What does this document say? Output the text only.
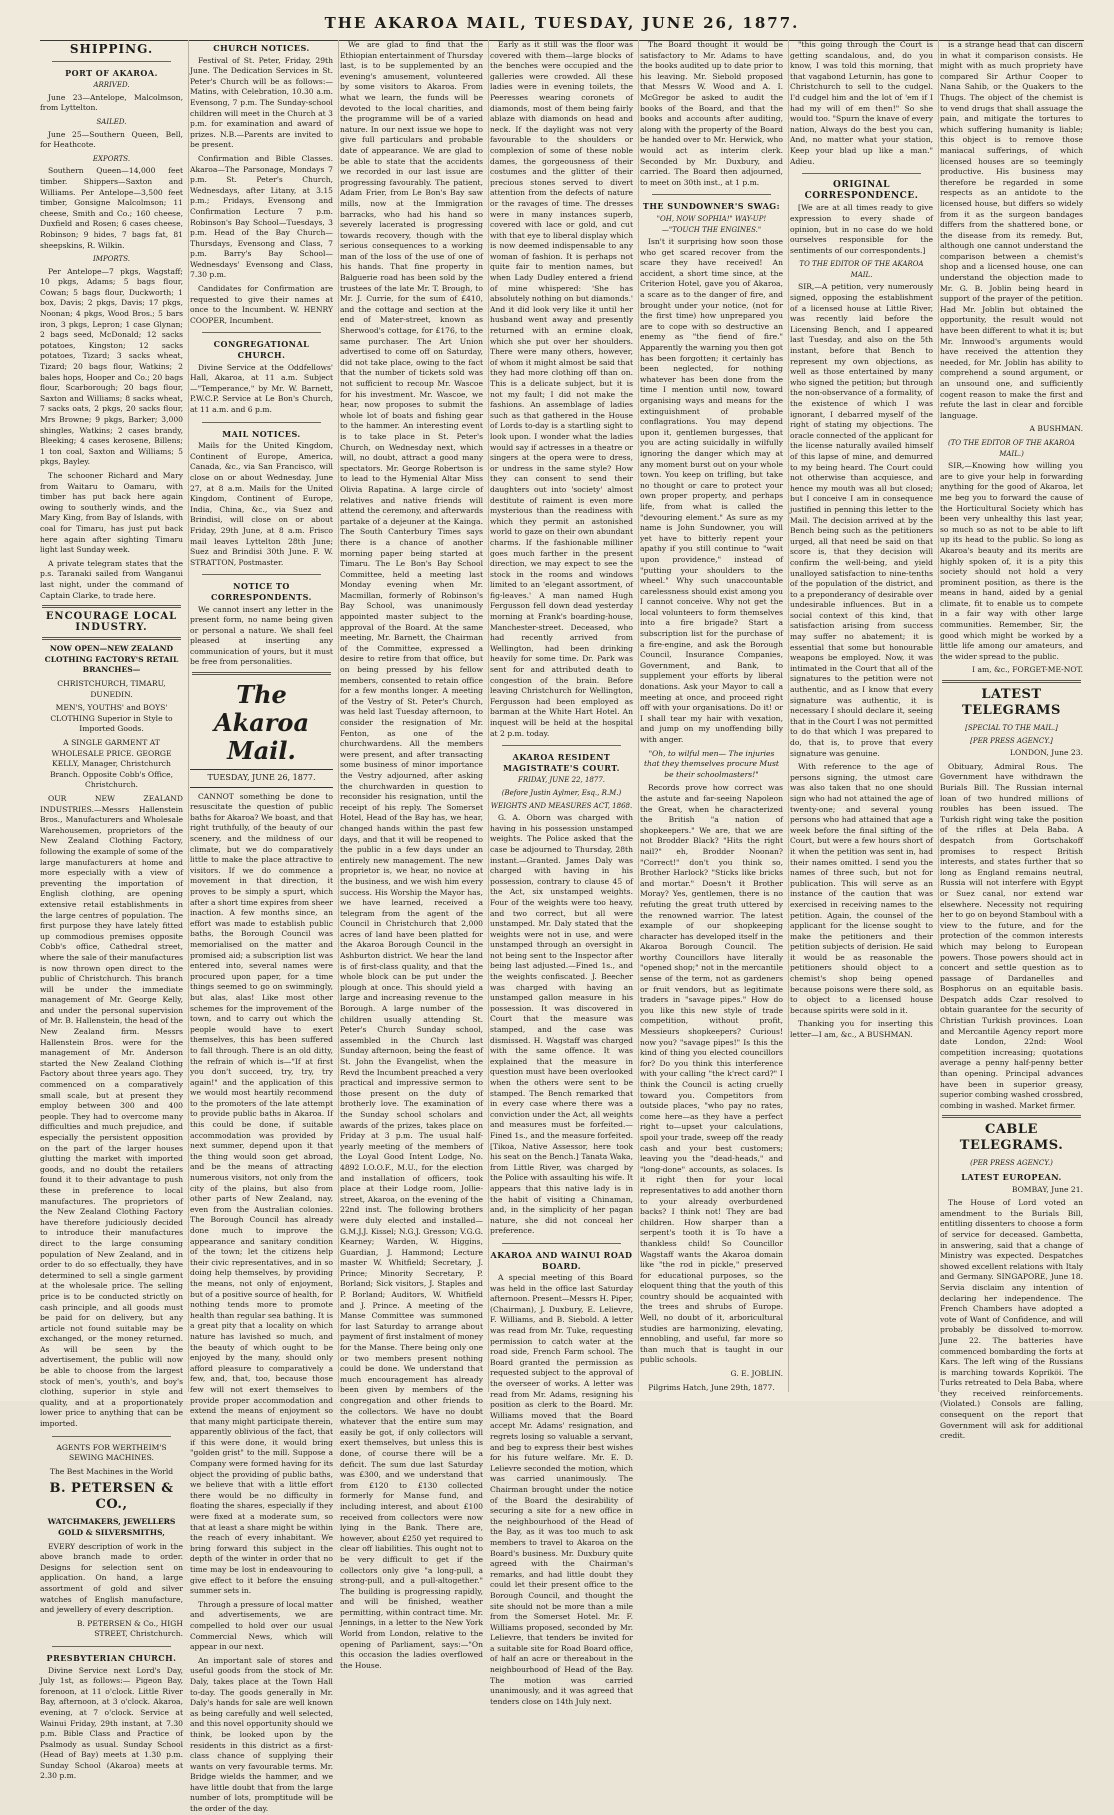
THE AKAROA MAIL, TUESDAY, JUNE 26, 1877.
SHIPPING.
PORT OF AKAROA.
ARRIVED.

June 23—Antelope, Malcolmson, from Lyttelton.

SAILED.

June 25—Southern Queen, Bell, for Heathcote.

EXPORTS.

Southern Queen—14,000 feet timber. Shippers—Saxton and Williams. Per Antelope—3,500 feet timber, Gonsigne Malcolmson; 11 cheese, Smith and Co.; 160 cheese, Duxfield and Rosen; 6 cases cheese, Robinson; 9 hides, 7 bags fat, 81 sheepskins, R. Wilkin.

IMPORTS.

Per Antelope—7 pkgs, Wagstaff; 10 pkgs, Adams; 5 bags flour, Cowan; 5 bags flour, Duckworth; 1 box, Davis; 2 pkgs, Davis; 17 pkgs, Noonan; 4 pkgs, Wood Bros.; 5 bars iron, 3 pkgs, Lepron; 1 case Glynan; 2 bags seed, McDonald; 12 sacks potatoes, Kingston; 12 sacks potatoes, Tizard; 3 sacks wheat, Tizard; 20 bags flour, Watkins; 2 bales hops, Hooper and Co.; 20 bags flour, Scarborough; 20 bags flour, Saxton and Williams; 8 sacks wheat, 7 sacks oats, 2 pkgs, 20 sacks flour, Mrs Browne; 9 pkgs, Barker; 3,000 shingles, Watkins; 2 cases brandy, Bleeking; 4 cases kerosene, Billens; 1 ton coal, Saxton and Williams; 5 pkgs, Bayley.

The schooner Richard and Mary from Waitaru to Oamaru, with timber has put back here again owing to southerly winds, and the Mary King, from Bay of Islands, with coal for Timaru, has just put back here again after sighting Timaru light last Sunday week.

A private telegram states that the p.s. Taranaki sailed from Wanganui last night, under the command of Captain Clarke, to trade here.

ENCOURAGE LOCAL INDUSTRY.

NOW OPEN—NEW ZEALAND CLOTHING FACTORY'S RETAIL BRANCHES—

CHRISTCHURCH, TIMARU, DUNEDIN.

MEN'S, YOUTHS' and BOYS' CLOTHING Superior in Style to Imported Goods.

A SINGLE GARMENT AT WHOLESALE PRICE. GEORGE KELLY, Manager, Christchurch Branch. Opposite Cobb's Office, Christchurch.

OUR NEW ZEALAND INDUSTRIES.—Messrs Hallenstein Bros., Manufacturers and Wholesale Warehousemen, proprietors of the New Zealand Clothing Factory, following the example of some of the large manufacturers at home and more especially with a view of preventing the importation of English clothing, are opening extensive retail establishments in the large centres of population. The first purpose they have lately fitted up commodious premises opposite Cobb's office, Cathedral street, where the sale of their manufactures is now thrown open direct to the public of Christchurch. This branch will be under the immediate management of Mr. George Kelly, and under the personal supervision of Mr. B. Hallenstein, the head of the New Zealand firm. Messrs Hallenstein Bros. were for the management of Mr. Anderson started the New Zealand Clothing Factory about three years ago. They commenced on a comparatively small scale, but at present they employ between 300 and 400 people. They had to overcome many difficulties and much prejudice, and especially the persistent opposition on the part of the larger houses glutting the market with imported goods, and no doubt the retailers found it to their advantage to push these in preference to local manufactures. The proprietors of the New Zealand Clothing Factory have therefore judiciously decided to introduce their manufactures direct to the large consuming population of New Zealand, and in order to do so effectually, they have determined to sell a single garment at the wholesale price. The selling price is to be conducted strictly on cash principle, and all goods must be paid for on delivery, but any article not found suitable may be exchanged, or the money returned. As will be seen by the advertisement, the public will now be able to choose from the largest stock of men's, youth's, and boy's clothing, superior in style and quality, and at a proportionately lower price to anything that can be imported.

AGENTS FOR WERTHEIM'S SEWING MACHINES.

The Best Machines in the World

B. PETERSEN & CO.,

WATCHMAKERS, JEWELLERS GOLD & SILVERSMITHS,

EVERY description of work in the above branch made to order. Designs for selection sent on application. On hand, a large assortment of gold and silver watches of English manufacture, and jewellery of every description.

B. PETERSEN & Co., HIGH STREET, Christchurch.

PRESBYTERIAN CHURCH.

Divine Service next Lord's Day, July 1st, as follows:— Pigeon Bay, forenoon, at 11 o'clock. Little River Bay, afternoon, at 3 o'clock. Akaroa, evening, at 7 o'clock. Service at Wainui Friday, 29th instant, at 7.30 p.m. Bible Class and Practice of Psalmody as usual. Sunday School (Head of Bay) meets at 1.30 p.m. Sunday School (Akaroa) meets at 2.30 p.m.

CHURCH NOTICES.

Festival of St. Peter, Friday, 29th June. The Dedication Services in St. Peter's Church will be as follows:—Matins, with Celebration, 10.30 a.m. Evensong, 7 p.m. The Sunday-school children will meet in the Church at 3 p.m. for examination and award of prizes. N.B.—Parents are invited to be present.

Confirmation and Bible Classes. Akaroa—The Parsonage, Mondays 7 p.m. St. Peter's Church, Wednesdays, after Litany, at 3.15 p.m.; Fridays, Evensong and Confirmation Lecture 7 p.m. Robinson's Bay School—Tuesdays, 3 p.m. Head of the Bay Church—Thursdays, Evensong and Class, 7 p.m. Barry's Bay School—Wednesdays' Evensong and Class, 7.30 p.m.

Candidates for Confirmation are requested to give their names at once to the Incumbent. W. HENRY COOPER, Incumbent.

CONGREGATIONAL CHURCH.

Divine Service at the Oddfellows' Hall, Akaroa, at 11 a.m. Subject—"Temperance," by Mr. W. Barnett, P.W.C.P. Service at Le Bon's Church, at 11 a.m. and 6 p.m.

MAIL NOTICES.

Mails for the United Kingdom, Continent of Europe, America, Canada, &c., via San Francisco, will close on or about Wednesday, June 27, at 8 a.m. Mails for the United Kingdom, Continent of Europe, India, China, &c., via Suez and Brindisi, will close on or about Friday, 29th June, at 8 a.m. Frisco mail leaves Lyttelton 28th June; Suez and Brindisi 30th June. F. W. STRATTON, Postmaster.

NOTICE TO CORRESPONDENTS.

We cannot insert any letter in the present form, no name being given or personal a nature. We shall feel pleased at inserting any communication of yours, but it must be free from personalities.

The Akaroa Mail.
TUESDAY, JUNE 26, 1877.

CANNOT something be done to resuscitate the question of public baths for Akaroa? We boast, and that right truthfully, of the beauty of our scenery, and the mildness of our climate, but we do comparatively little to make the place attractive to visitors. If we do commence a movement in that direction, it proves to be simply a spurt, which after a short time expires from sheer inaction. A few months since, an effort was made to establish public baths, the Borough Council was memorialised on the matter and promised aid; a subscription list was entered into, several names were procured upon paper, for a time things seemed to go on swimmingly, but alas, alas! Like most other schemes for the improvement of the town, and to carry out which the people would have to exert themselves, this has been suffered to fall through. There is an old ditty, the refrain of which is—"If at first you don't succeed, try, try, try again!" and the application of this we would most heartily recommend to the promoters of the late attempt to provide public baths in Akaroa. If this could be done, if suitable accommodation was provided by next summer, depend upon it that the thing would soon get abroad, and be the means of attracting numerous visitors, not only from the city of the plains, but also from other parts of New Zealand, nay, even from the Australian colonies. The Borough Council has already done much to improve the appearance and sanitary condition of the town; let the citizens help their civic representatives, and in so doing help themselves, by providing the means, not only of enjoyment, but of a positive source of health, for nothing tends more to promote health than regular sea bathing. It is a great pity that a locality on which nature has lavished so much, and the beauty of which ought to be enjoyed by the many, should only afford pleasure to comparatively a few, and, that, too, because those few will not exert themselves to provide proper accommodation and extend the means of enjoyment so that many might participate therein, apparently oblivious of the fact, that if this were done, it would bring "golden grist" to the mill. Suppose a Company were formed having for its object the providing of public baths, we believe that with a little effort there would be no difficulty in floating the shares, especially if they were fixed at a moderate sum, so that at least a share might be within the reach of every inhabitant. We bring forward this subject in the depth of the winter in order that no time may be lost in endeavouring to give effect to it before the ensuing summer sets in.

Through a pressure of local matter and advertisements, we are compelled to hold over our usual Commercial News, which will appear in our next.

An important sale of stores and useful goods from the stock of Mr. Daly, takes place at the Town Hall to-day. The goods generally in Mr. Daly's hands for sale are well known as being carefully and well selected, and this novel opportunity should we think, be looked upon by the residents in this district as a first-class chance of supplying their wants on very favourable terms. Mr. Bridge wields the hammer, and we have little doubt that from the large number of lots, promptitude will be the order of the day.

We are glad to find that the Ethiopian entertainment of Thursday last, is to be supplemented by an evening's amusement, volunteered by some visitors to Akaroa. From what we learn, the funds will be devoted to the local charities, and the programme will be of a varied nature. In our next issue we hope to give full particulars and probable date of appearance. We are glad to be able to state that the accidents we recorded in our last issue are progressing favourably. The patient, Adam Frier, from Le Bon's Bay saw mills, now at the Immigration barracks, who had his hand so severely lacerated is progressing towards recovery, though with the serious consequences to a working man of the loss of the use of one of his hands. That fine property in Balguerie road has been sold by the trustees of the late Mr. T. Brough, to Mr. J. Currie, for the sum of £410, and the cottage and section at the end of Mater-street, known as Sherwood's cottage, for £176, to the same purchaser. The Art Union advertised to come off on Saturday, did not take place, owing to the fact that the number of tickets sold was not sufficient to recoup Mr. Wascoe for his investment. Mr. Wascoe, we hear, now proposes to submit the whole lot of boats and fishing gear to the hammer. An interesting event is to take place in St. Peter's Church, on Wednesday next, which will, no doubt, attract a good many spectators. Mr. George Robertson is to lead to the Hymenial Altar Miss Olivia Rapatina. A large circle of relatives and native friends will attend the ceremony, and afterwards partake of a dejeuner at the Kainga. The South Canterbury Times says there is a chance of another morning paper being started at Timaru. The Le Bon's Bay School Committee, held a meeting last Monday evening when Mr. Macmillan, formerly of Robinson's Bay School, was unanimously appointed master subject to the approval of the Board. At the same meeting, Mr. Barnett, the Chairman of the Committee, expressed a desire to retire from that office, but on being pressed by his fellow members, consented to retain office for a few months longer. A meeting of the Vestry of St. Peter's Church, was held last Tuesday afternoon, to consider the resignation of Mr. Fenton, as one of the churchwardens. All the members were present, and after transacting some business of minor importance the Vestry adjourned, after asking the churchwarden in question to reconsider his resignation, until the receipt of his reply. The Somerset Hotel, Head of the Bay has, we hear, changed hands within the past few days, and that it will be reopened to the public in a few days under an entirely new management. The new proprietor is, we hear, no novice at the business, and we wish him every success. His Worship the Mayor has, we have learned, received a telegram from the agent of the Council in Christchurch that 2,000 acres of land have been platted for the Akaroa Borough Council in the Ashburton district. We hear the land is of first-class quality, and that the whole block can be put under the plough at once. This should yield a large and increasing revenue to the Borough. A large number of the children usually attending St. Peter's Church Sunday school, assembled in the Church last Sunday afternoon, being the feast of St. John the Evangelist, when the Revd the Incumbent preached a very practical and impressive sermon to those present on the duty of brotherly love. The examination of the Sunday school scholars and awards of the prizes, takes place on Friday at 3 p.m. The usual half-yearly meeting of the members of the Loyal Good Intent Lodge, No. 4892 I.O.O.F., M.U., for the election and installation of officers, took place at their Lodge room, Jollie-street, Akaroa, on the evening of the 22nd inst. The following brothers were duly elected and installed—G.M.J.J. Kissel; N.G.J. Gresson; V.G.G. Kearney; Warden, W. Higgins, Guardian, J. Hammond; Lecture master W. Whitfield; Secretary, J. Prince; Minority Secretary, P. Borland; Sick visitors, J. Staples and P. Borland; Auditors, W. Whitfield and J. Prince. A meeting of the Manse Committee was summoned for last Saturday to arrange about payment of first instalment of money for the Manse. There being only one or two members present nothing could be done. We understand that much encouragement has already been given by members of the congregation and other friends to the collectors. We have no doubt whatever that the entire sum may easily be got, if only collectors will exert themselves, but unless this is done, of course there will be a deficit. The sum due last Saturday was £300, and we understand that from £120 to £130 collected formerly for Manse fund, and including interest, and about £100 received from collectors were now lying in the Bank. There are, however, about £250 yet required to clear off liabilities. This ought not to be very difficult to get if the collectors only give "a long-pull, a strong-pull, and a pull-altogether." The building is progressing rapidly, and will be finished, weather permitting, within contract time. Mr. Jennings, in a letter to the New York World from London, relative to the opening of Parliament, says:—"On this occasion the ladies overflowed the House.

Early as it still was the floor was covered with them—large blocks of the benches were occupied and the galleries were crowded. All these ladies were in evening toilets, the Peeresses wearing coronets of diamonds, most of them being fairly ablaze with diamonds on head and neck. If the daylight was not very favourable to the shoulders or complexion of some of these noble dames, the gorgeousness of their costumes and the glitter of their precious stones served to divert attention from the defects of nature or the ravages of time. The dresses were in many instances superb, covered with lace or gold, and cut with that eye to liberal display which is now deemed indispensable to any woman of fashion. It is perhaps not quite fair to mention names, but when Lady Dudley entered a friend of mine whispered: 'She has absolutely nothing on but diamonds.' And it did look very like it until her husband went away and presently returned with an ermine cloak, which she put over her shoulders. There were many others, however, of whom it might almost be said that they had more clothing off than on. This is a delicate subject, but it is not my fault; I did not make the fashions. An assemblage of ladies such as that gathered in the House of Lords to-day is a startling sight to look upon. I wonder what the ladies would say if actresses in a theatre or singers at the opera were to dress, or undress in the same style? How they can consent to send their daughters out into 'society' almost destitute of raiment is even more mysterious than the readiness with which they permit an astonished world to gaze on their own abundant charms. If the fashionable milliner goes much farther in the present direction, we may expect to see the stock in the rooms and windows limited to an 'elegant assortment, of fig-leaves.' A man named Hugh Fergusson fell down dead yesterday morning at Frank's boarding-house, Manchester-street. Deceased, who had recently arrived from Wellington, had been drinking heavily for some time. Dr. Park was sent for and attributed death to congestion of the brain. Before leaving Christchurch for Wellington, Fergusson had been employed as barman at the White Hart Hotel. An inquest will be held at the hospital at 2 p.m. today.

AKAROA RESIDENT MAGISTRATE'S COURT.
FRIDAY, JUNE 22, 1877.
(Before Justin Aylmer, Esq., R.M.)
WEIGHTS AND MEASURES ACT, 1868.

G. A. Oborn was charged with having in his possession unstamped weights. The Police asked that the case be adjourned to Thursday, 28th instant.—Granted. James Daly was charged with having in his possession, contrary to clause 45 of the Act, six unstamped weights. Four of the weights were too heavy, and two correct, but all were unstamped. Mr. Daly stated that the weights were not in use, and were unstamped through an oversight in not being sent to the Inspector after being last adjusted.—Fined 1s., and the weights confiscated. J. Beecher was charged with having an unstamped gallon measure in his possession. It was discovered in Court that the measure was stamped, and the case was dismissed. H. Wagstaff was charged with the same offence. It was explained that the measure in question must have been overlooked when the others were sent to be stamped. The Bench remarked that in every case where there was a conviction under the Act, all weights and measures must be forfeited.—Fined 1s., and the measure forfeited. [Tikoa, Native Assessor, here took his seat on the Bench.] Tanata Waka, from Little River, was charged by the Police with assaulting his wife. It appears that this native lady is in the habit of visiting a Chinaman, and, in the simplicity of her pagan nature, she did not conceal her preference.

AKAROA AND WAINUI ROAD BOARD.

A special meeting of this Board was held in the office last Saturday afternoon. Present—Messrs H. Piper, (Chairman), J. Duxbury, E. Lelievre, F. Williams, and B. Siebold. A letter was read from Mr. Tuke, requesting permission to catch water at the road side, French Farm school. The Board granted the permission as requested subject to the approval of the overseer of works. A letter was read from Mr. Adams, resigning his position as clerk to the Board. Mr. Williams moved that the Board accept Mr. Adams' resignation, and regrets losing so valuable a servant, and beg to express their best wishes for his future welfare. Mr. E. D. Lelievre seconded the motion, which was carried unanimously. The Chairman brought under the notice of the Board the desirability of securing a site for a new office in the neighbourhood of the Head of the Bay, as it was too much to ask members to travel to Akaroa on the Board's business. Mr. Duxbury quite agreed with the Chairman's remarks, and had little doubt they could let their present office to the Borough Council, and thought the site should not be more than a mile from the Somerset Hotel. Mr. F. Williams proposed, seconded by Mr. Lelievre, that tenders be invited for a suitable site for Road Board office, of half an acre or thereabout in the neighbourhood of Head of the Bay. The motion was carried unanimously, and it was agreed that tenders close on 14th July next.

The Board thought it would be satisfactory to Mr. Adams to have the books audited up to date prior to his leaving. Mr. Siebold proposed that Messrs W. Wood and A. I. McGregor be asked to audit the books of the Board, and that the books and accounts after auditing, along with the property of the Board be handed over to Mr. Herwick, who would act as interim clerk. Seconded by Mr. Duxbury, and carried. The Board then adjourned, to meet on 30th inst., at 1 p.m.

THE SUNDOWNER'S SWAG:
"OH, NOW SOPHIA!" WAY-UP!—"TOUCH THE ENGINES."

Isn't it surprising how soon those who get scared recover from the scare they have received! An accident, a short time since, at the Criterion Hotel, gave you of Akaroa, a scare as to the danger of fire, and brought under your notice, (not for the first time) how unprepared you are to cope with so destructive an enemy as "the fiend of fire." Apparently the warning you then got has been forgotten; it certainly has been neglected, for nothing whatever has been done from the time I mention until now, toward organising ways and means for the extinguishment of probable conflagrations. You may depend upon it, gentlemen burgesses, that you are acting suicidally in wilfully ignoring the danger which may at any moment burst out on your whole town. You keep on trifling, but take no thought or care to protect your own proper property, and perhaps life, from what is called the "devouring element." As sure as my name is John Sundowner, you will yet have to bitterly repent your apathy if you still continue to "wait upon providence," instead of "putting your shoulders to the wheel." Why such unaccountable carelessness should exist among you I cannot conceive. Why not get the local volunteers to form themselves into a fire brigade? Start a subscription list for the purchase of a fire-engine, and ask the Borough Council, Insurance Companies, Government, and Bank, to supplement your efforts by liberal donations. Ask your Mayor to call a meeting at once, and proceed right off with your organisations. Do it! or I shall tear my hair with vexation, and jump on my unoffending billy with anger.

"Oh, to wilful men— The injuries that they themselves procure Must be their schoolmasters!"

Records prove how correct was the astute and far-seeing Napoleon the Great, when he characterized the British "a nation of shopkeepers." We are, that we are not Brodder Black? "Hits the right nail?" eh, Brodder Noonan? "Correct!" don't you think so, Brother Harlock? "Sticks like bricks and mortar." Doesn't it Brother Moray? Yes, gentlemen, there is no refuting the great truth uttered by the renowned warrior. The latest example of our shopkeeping character has developed itself in the Akaroa Borough Council. The worthy Councillors have literally "opened shop;" not in the mercantile sense of the term, not as gardeners or fruit vendors, but as legitimate traders in "savage pipes." How do you like this new style of trade competition, without profit, Messieurs shopkeepers? Curious! now you? "savage pipes!" Is this the kind of thing you elected councillors for? Do you think this interference with your calling "the k'rect card?" I think the Council is acting cruelly toward you. Competitors from outside places, "who pay no rates, come here—as they have a perfect right to—upset your calculations, spoil your trade, sweep off the ready cash and your best customers; leaving you the "dead-heads," and "long-done" accounts, as solaces. Is it right then for your local representatives to add another thorn to your already overburdened backs? I think not! They are bad children. How sharper than a serpent's tooth it is To have a thankless child! So Councillor Wagstaff wants the Akaroa domain like "the rod in pickle," preserved for educational purposes, so the eloquent thing that the youth of this country should be acquainted with the trees and shrubs of Europe. Well, no doubt of it, arboricultural studies are harmonizing, elevating, ennobling, and useful, far more so than much that is taught in our public schools.

G. E. JOBLIN.

Pilgrims Hatch, June 29th, 1877.

"this going through the Court is getting scandalous, and, do you know, I was told this morning, that that vagabond Leturnin, has gone to Christchurch to sell to the cudgel. I'd cudgel him and the lot of 'em if I had my will of em then!" So she would too. "Spurn the knave of every nation, Always do the best you can, And, no matter what your station, Keep your blad up like a man." Adieu.

ORIGINAL CORRESPONDENCE.

[We are at all times ready to give expression to every shade of opinion, but in no case do we hold ourselves responsible for the sentiments of our correspondents.]

TO THE EDITOR OF THE AKAROA MAIL.

SIR,—A petition, very numerously signed, opposing the establishment of a licensed house at Little River, was recently laid before the Licensing Bench, and I appeared last Tuesday, and also on the 5th instant, before that Bench to represent my own objections, as well as those entertained by many who signed the petition; but through the non-observance of a formality, of the existence of which I was ignorant, I debarred myself of the right of stating my objections. The oracle connected of the applicant for the license naturally availed himself of this lapse of mine, and demurred to my being heard. The Court could not otherwise than acquiesce, and hence my mouth was all but closed; but I conceive I am in consequence justified in penning this letter to the Mail. The decision arrived at by the Bench being such as the petitioners urged, all that need be said on that score is, that they decision will confirm the well-being, and yield unalloyed satisfaction to nine-tenths of the population of the district, and to a preponderancy of desirable over undesirable influences. But in a social context of this kind, that satisfaction arising from success may suffer no abatement; it is essential that some but honourable weapons be employed. Now, it was intimated in the Court that all of the signatures to the petition were not authentic, and as I know that every signature was authentic, it is necessary I should declare it, seeing that in the Court I was not permitted to do that which I was prepared to do, that is, to prove that every signature was genuine.

With reference to the age of persons signing, the utmost care was also taken that no one should sign who had not attained the age of twenty-one; and several young persons who had attained that age a week before the final sifting of the Court, but were a few hours short of it when the petition was sent in, had their names omitted. I send you the names of three such, but not for publication. This will serve as an instance of the caution that was exercised in receiving names to the petition. Again, the counsel of the applicant for the license sought to make the petitioners and their petition subjects of derision. He said it would be as reasonable the petitioners should object to a chemist's shop being opened because poisons were there sold, as to object to a licensed house because spirits were sold in it.

Thanking you for inserting this letter—I am, &c., A BUSHMAN.

is a strange head that can discern in what it comparison consists. He might with as much propriety have compared Sir Arthur Cooper to Nana Sahib, or the Quakers to the Thugs. The object of the chemist is to vend drugs that shall assuage the pain, and mitigate the tortures to which suffering humanity is liable; this object is to remove those maniacal sufferings, of which licensed houses are so teemingly productive. His business may therefore be regarded in some respects as an antidote to the licensed house, but differs so widely from it as the surgeon bandages differs from the shattered bone, or the disease from its remedy. But, although one cannot understand the comparison between a chemist's shop and a licensed house, one can understand the objection made to Mr. G. B. Joblin being heard in support of the prayer of the petition. Had Mr. Joblin but obtained the opportunity, the result would not have been different to what it is; but Mr. Innwood's arguments would have received the attention they needed, for Mr. Joblin has ability to comprehend a sound argument, or an unsound one, and sufficiently cogent reason to make the first and refute the last in clear and forcible language.

A BUSHMAN.

(TO THE EDITOR OF THE AKAROA MAIL.)

SIR,—Knowing how willing you are to give your help in forwarding anything for the good of Akaroa, let me beg you to forward the cause of the Horticultural Society which has been very unhealthy this last year, so much so as not to be able to lift up its head to the public. So long as Akaroa's beauty and its merits are highly spoken of, it is a pity this society should not hold a very prominent position, as there is the means in hand, aided by a genial climate, fit to enable us to compete in a fair way with other large communities. Remember, Sir, the good which might be worked by a little life among our amateurs, and the wider spread to the public.

I am, &c., FORGET-ME-NOT.

LATEST TELEGRAMS
[SPECIAL TO THE MAIL.]
[PER PRESS AGENCY.]

LONDON, June 23.

Obituary, Admiral Rous. The Government have withdrawn the Burials Bill. The Russian internal loan of two hundred millions of roubles has been issued. The Turkish right wing take the position of the rifles at Dela Baba. A despatch from Gortschakoff promises to respect British interests, and states further that so long as England remains neutral, Russia will not interfere with Egypt or Suez canal, nor extend war elsewhere. Necessity not requiring her to go on beyond Stamboul with a view to the future, and for the protection of the common interests which may belong to European powers. Those powers should act in concert and settle question as to passage of Dardanelles and Bosphorus on an equitable basis. Despatch adds Czar resolved to obtain guarantee for the security of Christian Turkish provinces. Loan and Mercantile Agency report more date London, 22nd: Wool competition increasing; quotations average a penny half-penny better than opening. Principal advances have been in superior greasy, superior combing washed crossbred, combing in washed. Market firmer.

CABLE TELEGRAMS.
(PER PRESS AGENCY.)
LATEST EUROPEAN.

BOMBAY, June 21.

The House of Lord voted an amendment to the Burials Bill, entitling dissenters to choose a form of service for deceased. Gambetta, in answering, said that a change of Ministry was expected. Despatches showed excellent relations with Italy and Germany. SINGAPORE, June 18. Servia disclaim any intention of declaring her independence. The French Chambers have adopted a vote of Want of Confidence, and will probably be dissolved to-morrow. June 22. The batteries have commenced bombarding the forts at Kars. The left wing of the Russians is marching towards Kopriköi. The Turks retreated to Dela Baba, where they received reinforcements. (Violated.) Consols are falling, consequent on the report that Government will ask for additional credit.
